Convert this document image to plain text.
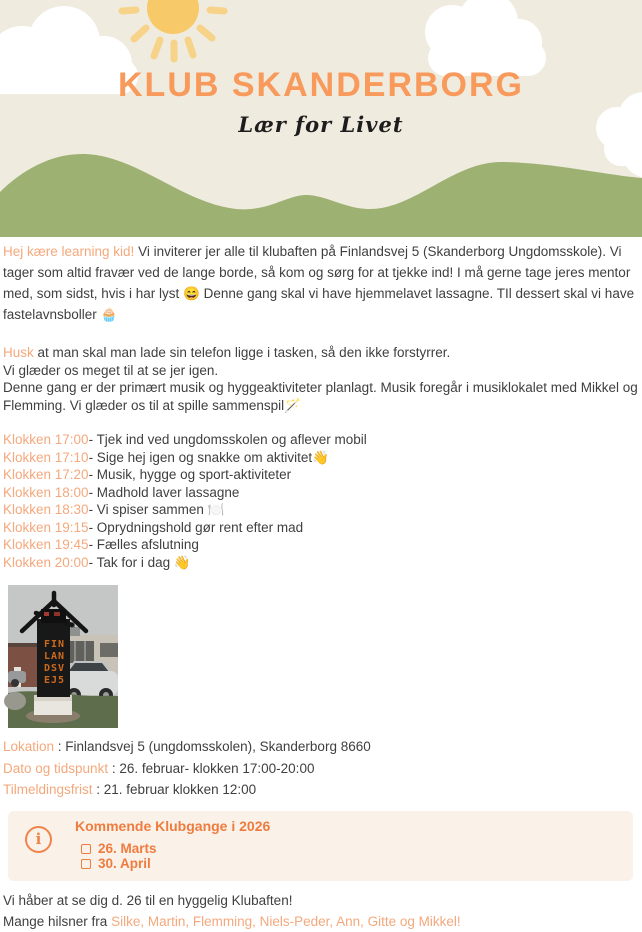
KLUB SKANDERBORG
Lær for Livet

Hej kære learning kid! Vi inviterer jer alle til klubaften på Finlandsvej 5 (Skanderborg Ungdomsskole). Vi tager som altid fravær ved de lange borde, så kom og sørg for at tjekke ind! I må gerne tage jeres mentor med, som sidst, hvis i har lyst 😄 Denne gang skal vi have hjemmelavet lassagne. TIl dessert skal vi have fastelavnsboller 🧁

Husk at man skal man lade sin telefon ligge i tasken, så den ikke forstyrrer.
Vi glæder os meget til at se jer igen.
Denne gang er der primært musik og hyggeaktiviteter planlagt. Musik foregår i musiklokalet med Mikkel og Flemming. Vi glæder os til at spille sammenspil🪄
Klokken 17:00- Tjek ind ved ungdomsskolen og aflever mobil
Klokken 17:10- Sige hej igen og snakke om aktivitet👋
Klokken 17:20- Musik, hygge og sport-aktiviteter
Klokken 18:00- Madhold laver lassagne
Klokken 18:30- Vi spiser sammen 🍽️
Klokken 19:15- Oprydningshold gør rent efter mad
Klokken 19:45- Fælles afslutning
Klokken 20:00- Tak for i dag 👋
FIN
LAN
DSV
EJ5
Lokation : Finlandsvej 5 (ungdomsskolen), Skanderborg 8660
Dato og tidspunkt : 26. februar- klokken 17:00-20:00
Tilmeldingsfrist : 21. februar klokken 12:00
i
Kommende Klubgange i 2026
26. Marts
30. April
Vi håber at se dig d. 26 til en hyggelig Klubaften!
Mange hilsner fra Silke, Martin, Flemming, Niels-Peder, Ann, Gitte og Mikkel!
